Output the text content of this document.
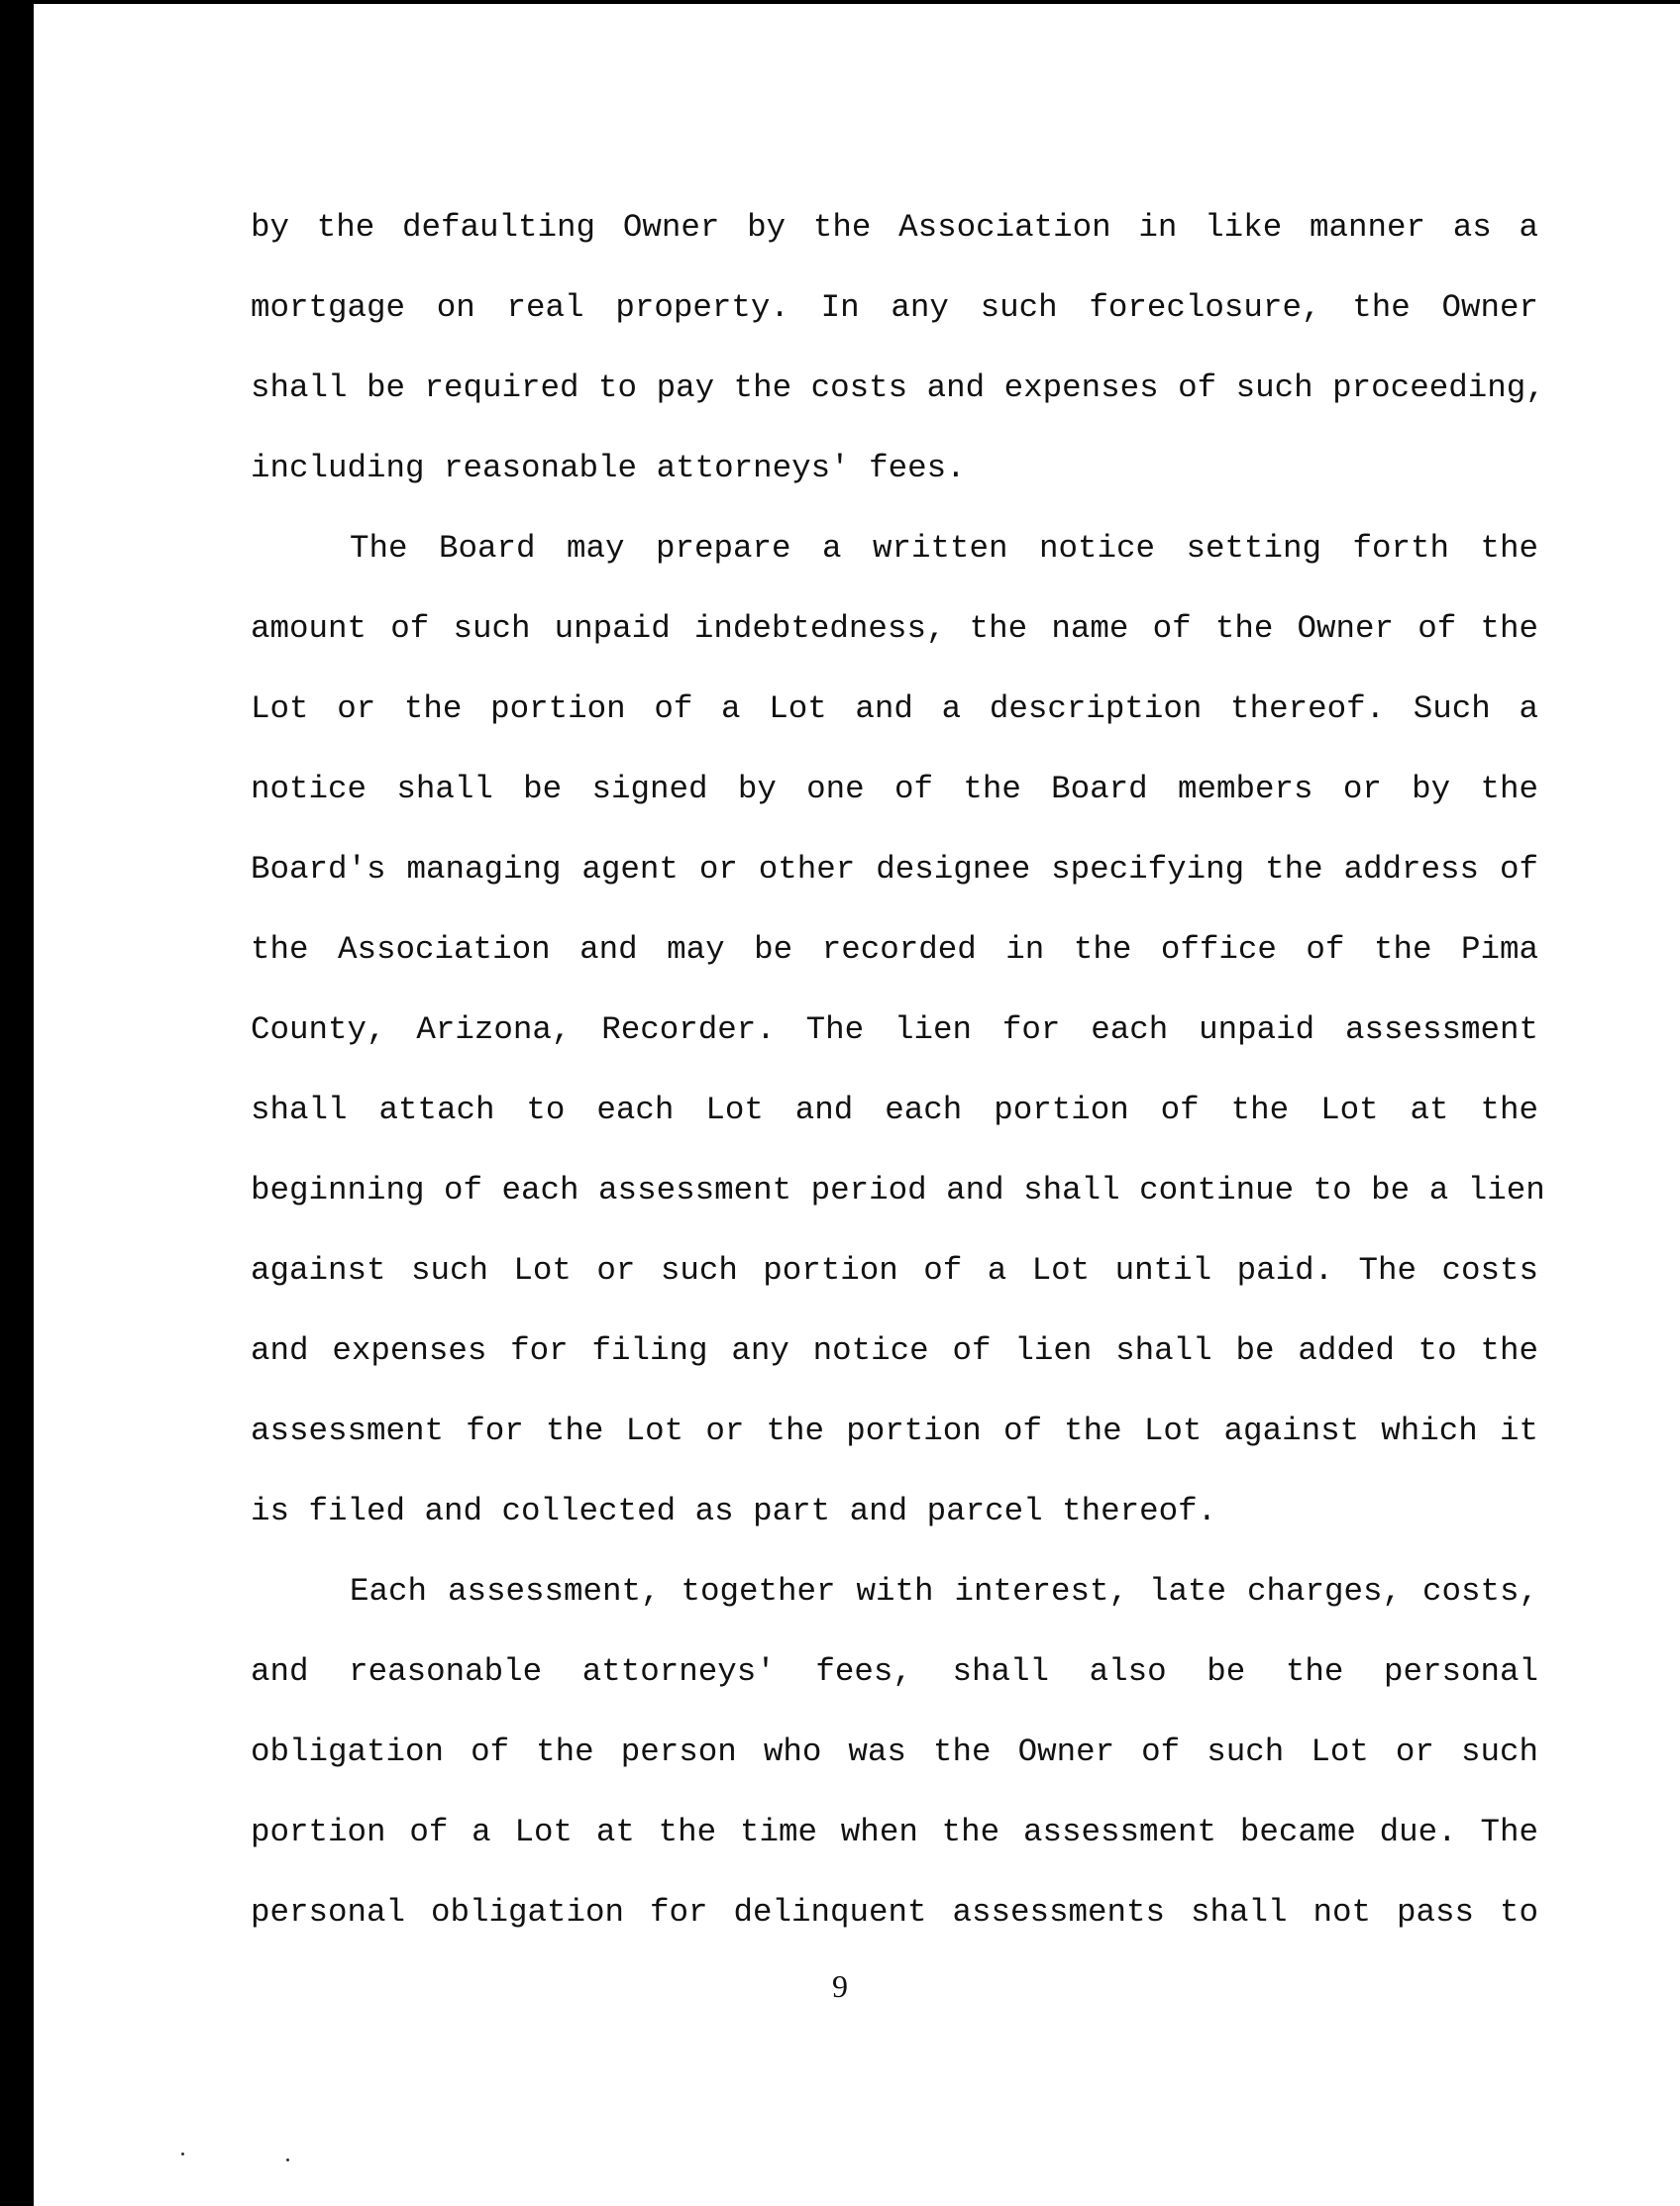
by the defaulting Owner by the Association in like manner as a
mortgage on real property. In any such foreclosure, the Owner
shall be required to pay the costs and expenses of such proceeding,
including reasonable attorneys' fees.
The Board may prepare a written notice setting forth the
amount of such unpaid indebtedness, the name of the Owner of the
Lot or the portion of a Lot and a description thereof. Such a
notice shall be signed by one of the Board members or by the
Board's managing agent or other designee specifying the address of
the Association and may be recorded in the office of the Pima
County, Arizona, Recorder. The lien for each unpaid assessment
shall attach to each Lot and each portion of the Lot at the
beginning of each assessment period and shall continue to be a lien
against such Lot or such portion of a Lot until paid. The costs
and expenses for filing any notice of lien shall be added to the
assessment for the Lot or the portion of the Lot against which it
is filed and collected as part and parcel thereof.
Each assessment, together with interest, late charges, costs,
and reasonable attorneys' fees, shall also be the personal
obligation of the person who was the Owner of such Lot or such
portion of a Lot at the time when the assessment became due. The
personal obligation for delinquent assessments shall not pass to
9
